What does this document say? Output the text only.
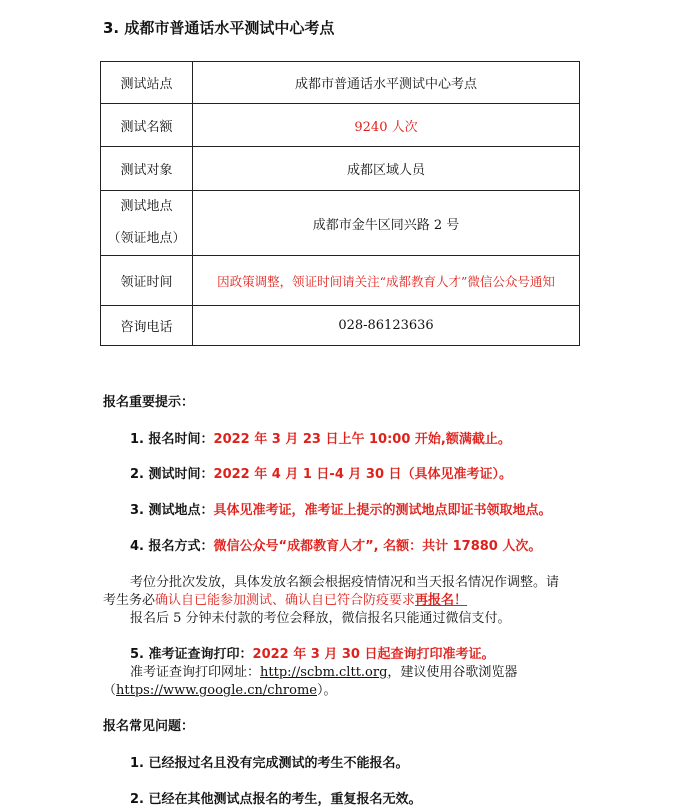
3. 成都市普通话水平测试中心考点
测试站点	成都市普通话水平测试中心考点
测试名额	9240 人次
测试对象	成都区域人员

测试地点
（领证地点）	成都市金牛区同兴路 2 号
领证时间	因政策调整，领证时间请关注“成都教育人才”微信公众号通知
咨询电话	028-86123636
报名重要提示：
1. 报名时间：2022 年 3 月 23 日上午 10:00 开始,额满截止。
2. 测试时间：2022 年 4 月 1 日-4 月 30 日（具体见准考证）。
3. 测试地点：具体见准考证，准考证上提示的测试地点即证书领取地点。
4. 报名方式：微信公众号“成都教育人才”, 名额：共计 17880 人次。
考位分批次发放，具体发放名额会根据疫情情况和当天报名情况作调整。请
考生务必确认自已能参加测试、确认自已符合防疫要求再报名！
报名后 5 分钟未付款的考位会释放，微信报名只能通过微信支付。
5. 准考证查询打印：2022 年 3 月 30 日起查询打印准考证。
准考证查询打印网址：http://scbm.cltt.org，建议使用谷歌浏览器
（https://www.google.cn/chrome）。
报名常见问题：
1. 已经报过名且没有完成测试的考生不能报名。
2. 已经在其他测试点报名的考生，重复报名无效。
